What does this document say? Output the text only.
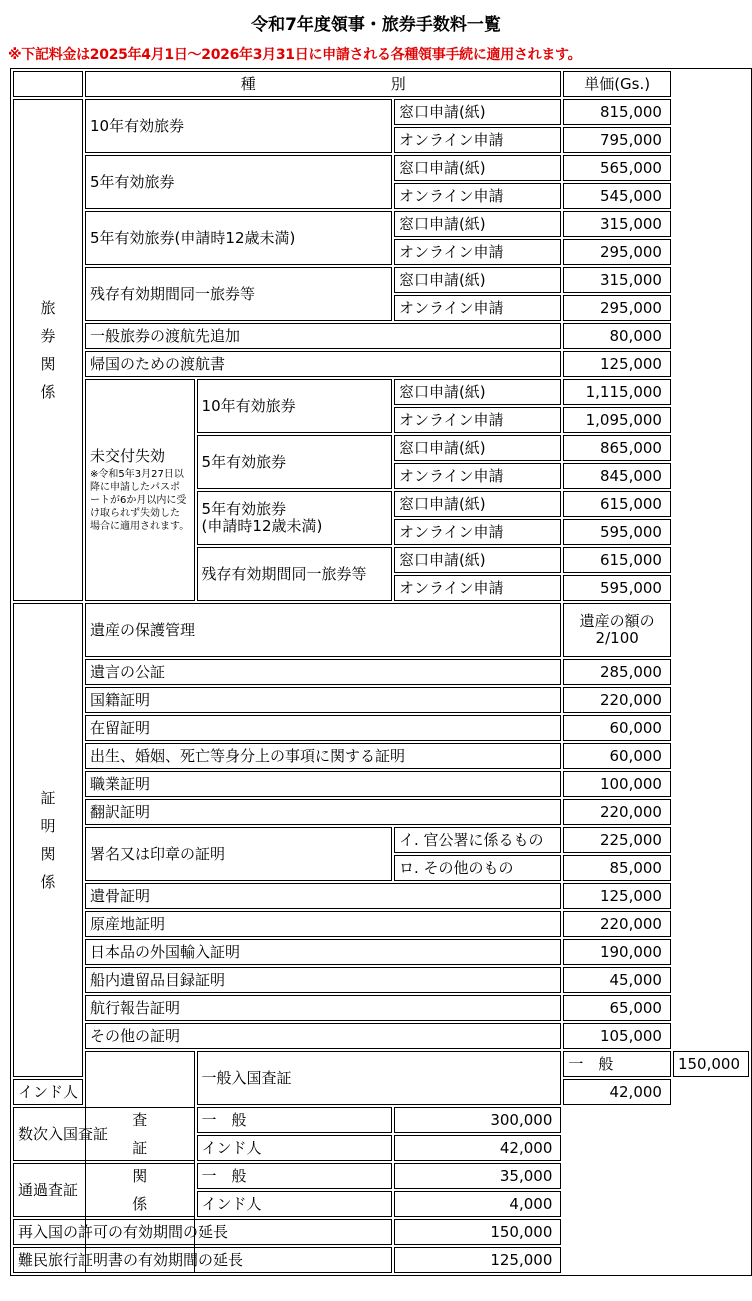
令和7年度領事・旅券手数料一覧
※下記料金は2025年4月1日～2026年3月31日に申請される各種領事手続に適用されます。
	種　　　　　　　　　別			単価(Gs.)	

旅
券
関
係	10年有効旅券		窓口申請(紙)	815,000	
			オンライン申請	795,000	
	5年有効旅券		窓口申請(紙)	565,000	
			オンライン申請	545,000	
	5年有効旅券(申請時12歳未満)		窓口申請(紙)	315,000	
			オンライン申請	295,000	
	残存有効期間同一旅券等		窓口申請(紙)	315,000	
			オンライン申請	295,000	
	一般旅券の渡航先追加			80,000	
	帰国のための渡航書			125,000	
	未交付失効
※令和5年3月27日以降に申請したパスポートが6か月以内に受け取られず失効した場合に適用されます。	10年有効旅券	窓口申請(紙)	1,115,000	
			オンライン申請	1,095,000	
		5年有効旅券	窓口申請(紙)	865,000	
			オンライン申請	845,000	

		5年有効旅券
(申請時12歳未満)	窓口申請(紙)	615,000	
			オンライン申請	595,000	
		残存有効期間同一旅券等	窓口申請(紙)	615,000	
			オンライン申請	595,000	

証
明
関
係	遺産の保護管理			遺産の額の
2/100	

	遺言の公証			285,000	
	国籍証明			220,000	
	在留証明			60,000	
	出生、婚姻、死亡等身分上の事項に関する証明			60,000	
	職業証明			100,000	
	翻訳証明			220,000	
	署名又は印章の証明		イ. 官公署に係るもの	225,000	
			ロ. その他のもの	85,000	
	遺骨証明			125,000	
	原産地証明			220,000	
	日本品の外国輸入証明			190,000	
	船内遺留品目録証明			45,000	
	航行報告証明			65,000	
	その他の証明			105,000	

	査
証
関
係	一般入国査証		一　般	150,000
インド人				42,000	
数次入国査証		一　般	300,000		
		インド人	42,000		
通過査証		一　般	35,000		
		インド人	4,000		
再入国の許可の有効期間の延長			150,000		
難民旅行証明書の有効期間の延長			125,000		
